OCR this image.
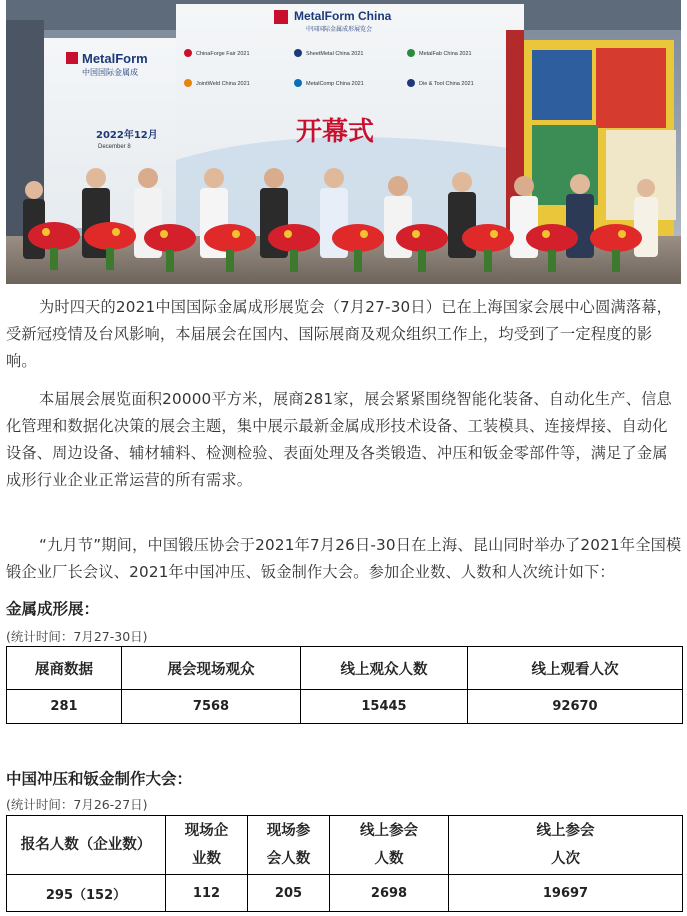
MetalForm China
中国国际金属成形展览会
ChinaForge Fair 2021	SheetMetal China 2021	MetalFab China 2021
JointWeld China 2021	MetalComp China 2021	Die & Tool China 2021
开幕式
MetalForm
中国国际金属成
2022年12月
December 8

为时四天的2021中国国际金属成形展览会（7月27-30日）已在上海国家会展中心圆满落幕，受新冠疫情及台风影响，本届展会在国内、国际展商及观众组织工作上，均受到了一定程度的影响。

本届展会展览面积20000平方米，展商281家，展会紧紧围绕智能化装备、自动化生产、信息化管理和数据化决策的展会主题，集中展示最新金属成形技术设备、工装模具、连接焊接、自动化设备、周边设备、辅材辅料、检测检验、表面处理及各类锻造、冲压和钣金零部件等，满足了金属成形行业企业正常运营的所有需求。

“九月节”期间，中国锻压协会于2021年7月26日-30日在上海、昆山同时举办了2021年全国模锻企业厂长会议、2021年中国冲压、钣金制作大会。参加企业数、人数和人次统计如下：

金属成形展：

(统计时间：7月27-30日)

展商数据	展会现场观众	线上观众人数	线上观看人次
281	7568	15445	92670

中国冲压和钣金制作大会：

(统计时间：7月26-27日)

报名人数（企业数）	现场企业数	现场参会人数	线上参会人数	线上参会人次
295（152）	112	205	2698	19697
